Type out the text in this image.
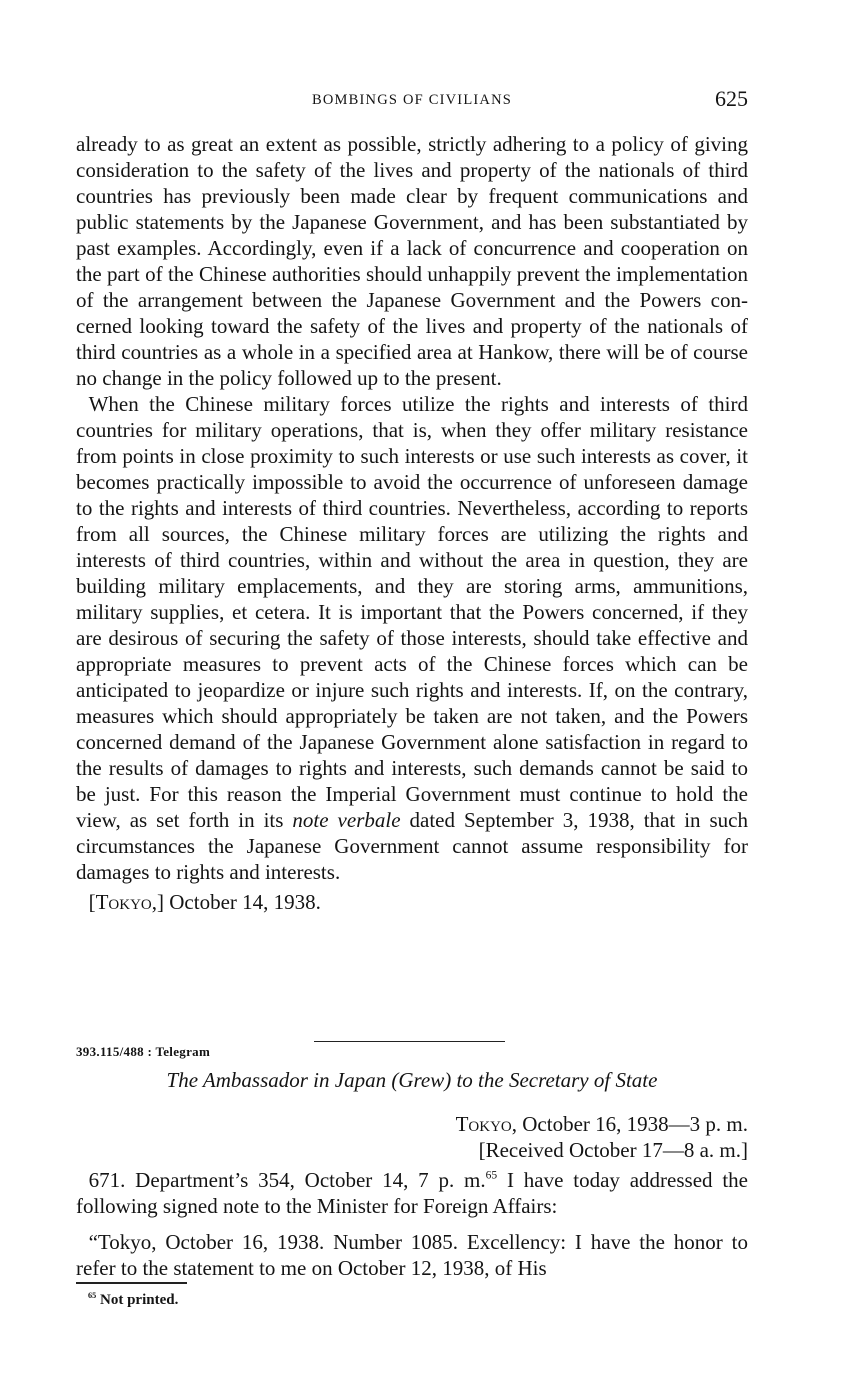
BOMBINGS OF CIVILIANS	625

already to as great an extent as possible, strictly adhering to a policy of giving consideration to the safety of the lives and property of the nationals of third countries has previously been made clear by frequent communications and public statements by the Japanese Government, and has been substantiated by past examples. Accordingly, even if a lack of concurrence and cooperation on the part of the Chinese authorities should unhappily prevent the implementation of the arrangement between the Japanese Government and the Powers concerned looking toward the safety of the lives and property of the nationals of third countries as a whole in a specified area at Hankow, there will be of course no change in the policy followed up to the present.

When the Chinese military forces utilize the rights and interests of third countries for military operations, that is, when they offer military resistance from points in close proximity to such interests or use such interests as cover, it becomes practically impossible to avoid the occurrence of unforeseen damage to the rights and interests of third countries. Nevertheless, according to reports from all sources, the Chinese military forces are utilizing the rights and interests of third countries, within and without the area in question, they are building military emplacements, and they are storing arms, ammunitions, military supplies, et cetera. It is important that the Powers concerned, if they are desirous of securing the safety of those interests, should take effective and appropriate measures to prevent acts of the Chinese forces which can be anticipated to jeopardize or injure such rights and interests. If, on the contrary, measures which should appropriately be taken are not taken, and the Powers concerned demand of the Japanese Government alone satisfaction in regard to the results of damages to rights and interests, such demands cannot be said to be just. For this reason the Imperial Government must continue to hold the view, as set forth in its note verbale dated September 3, 1938, that in such circumstances the Japanese Government cannot assume responsibility for damages to rights and interests.

[Tokyo,] October 14, 1938.

393.115/488 : Telegram
The Ambassador in Japan (Grew) to the Secretary of State
Tokyo, October 16, 1938—3 p. m.
[Received October 17—8 a. m.]

671. Department’s 354, October 14, 7 p. m.$^{65}$ I have today addressed the following signed note to the Minister for Foreign Affairs:

“Tokyo, October 16, 1938. Number 1085. Excellency: I have the honor to refer to the statement to me on October 12, 1938, of His

$^{65}$ Not printed.
